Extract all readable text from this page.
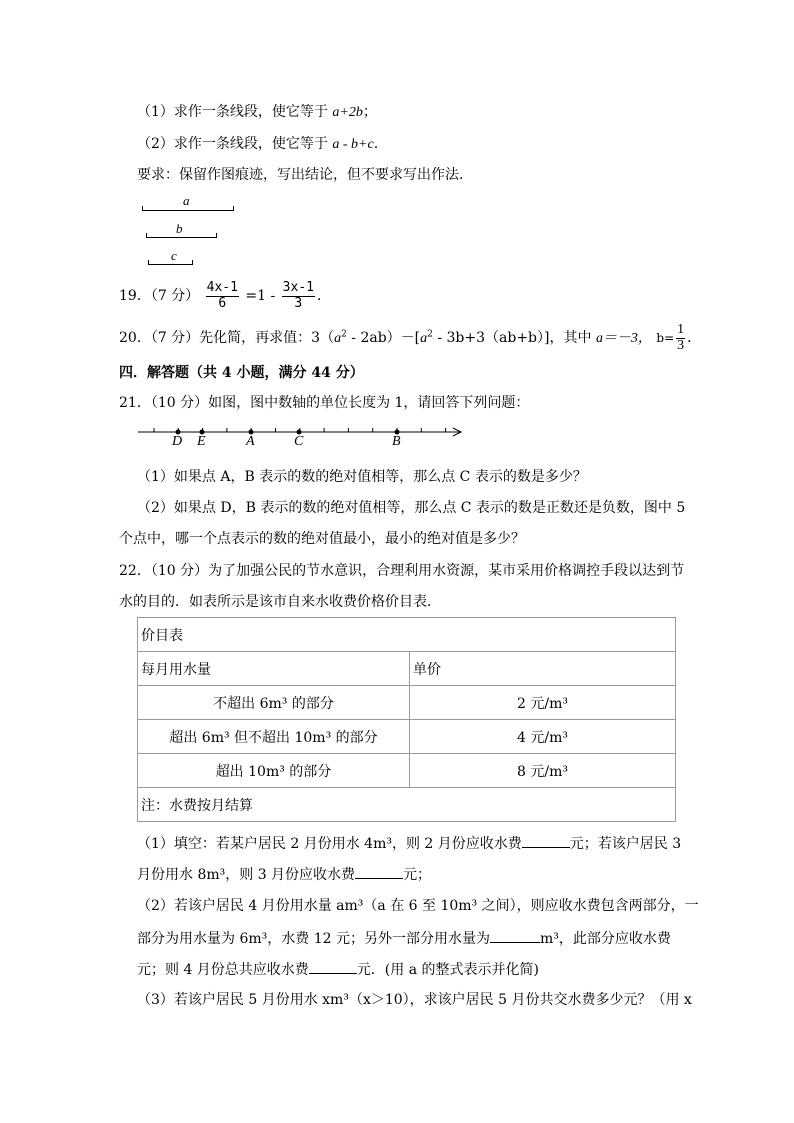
（1）求作一条线段，使它等于 a+2b；
（2）求作一条线段，使它等于 a - b+c.
要求：保留作图痕迹，写出结论，但不要求写出作法．
a
b
c
19．（7 分） $\frac{4x-1}{6} =1 - \frac{3x-1}{3}$ ．
20．（7 分）先化简，再求值：$3(a^2 - 2ab)-[a^2 - 3b+3(ab+b)]$，其中 a＝－3， $b= \frac{1}{3}$ ．
四．解答题（共 4 小题，满分 44 分）
21．（10 分）如图，图中数轴的单位长度为 1，请回答下列问题：
D E	A	C	B
（1）如果点 A，B 表示的数的绝对值相等，那么点 C 表示的数是多少？
（2）如果点 D，B 表示的数的绝对值相等，那么点 C 表示的数是正数还是负数，图中 5
个点中，哪一个点表示的数的绝对值最小，最小的绝对值是多少？
22．（10 分）为了加强公民的节水意识，合理利用水资源，某市采用价格调控手段以达到节
水的目的．如表所示是该市自来水收费价格价目表．
价目表	
每月用水量	单价
不超出 6m³ 的部分	2 元/m³
超出 6m³ 但不超出 10m³ 的部分	4 元/m³
超出 10m³ 的部分	8 元/m³
注：水费按月结算	
（1）填空：若某户居民 2 月份用水 4m³，则 2 月份应收水费	元；若该户居民 3
月份用水 8m³，则 3 月份应收水费	元；
（2）若该户居民 4 月份用水量 am³（a 在 6 至 10m³ 之间），则应收水费包含两部分，一
部分为用水量为 6m³，水费 12 元；另外一部分用水量为	m³，此部分应收水费
元；则 4 月份总共应收水费	元．(用 a 的整式表示并化简)
（3）若该户居民 5 月份用水 xm³（x＞10），求该户居民 5 月份共交水费多少元？（用 x
